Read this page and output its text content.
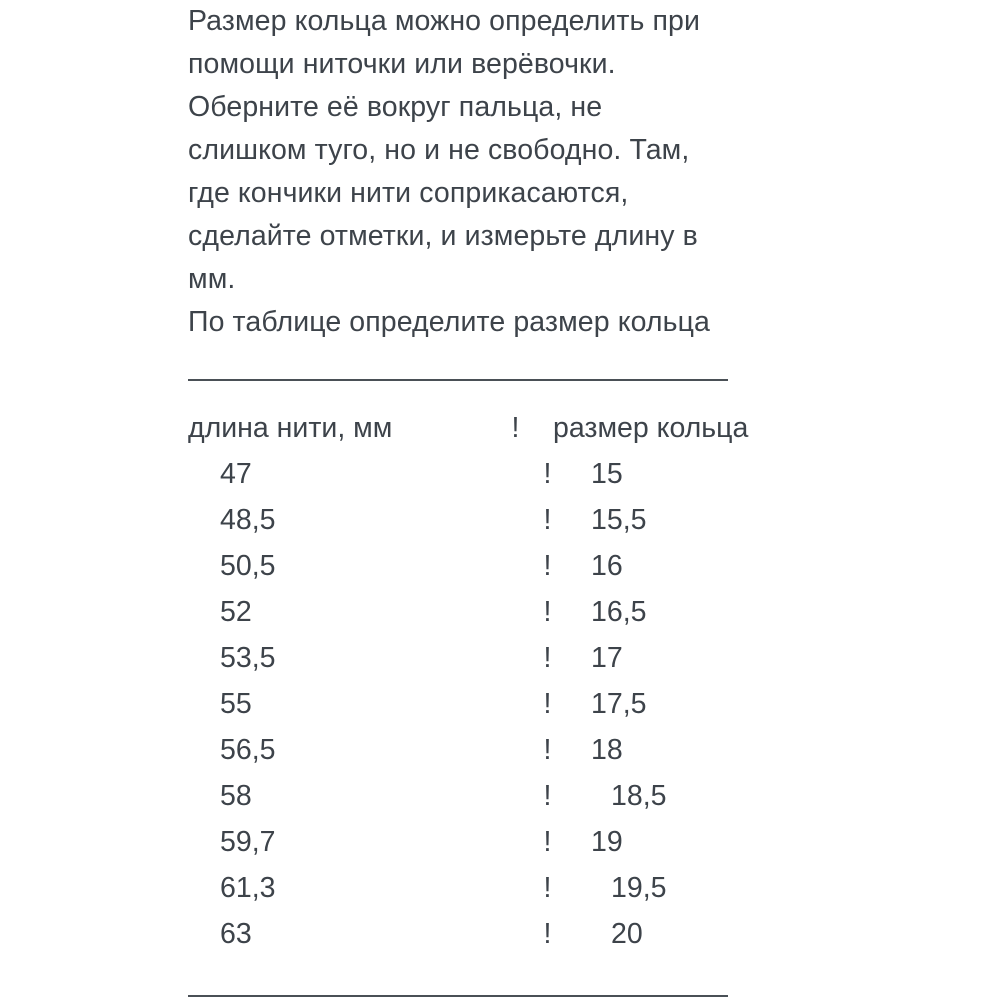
Размер кольца можно определить при

помощи ниточки или верёвочки.

Оберните её вокруг пальца, не

слишком туго, но и не свободно. Там,

где кончики нити соприкасаются,

сделайте отметки, и измерьте длину в

мм.

По таблице определите размер кольца

длина нити, мм	!	размер кольца
47	!	15
48,5	!	15,5
50,5	!	16
52	!	16,5
53,5	!	17
55	!	17,5
56,5	!	18
58	!	18,5
59,7	!	19
61,3	!	19,5
63	!	20
